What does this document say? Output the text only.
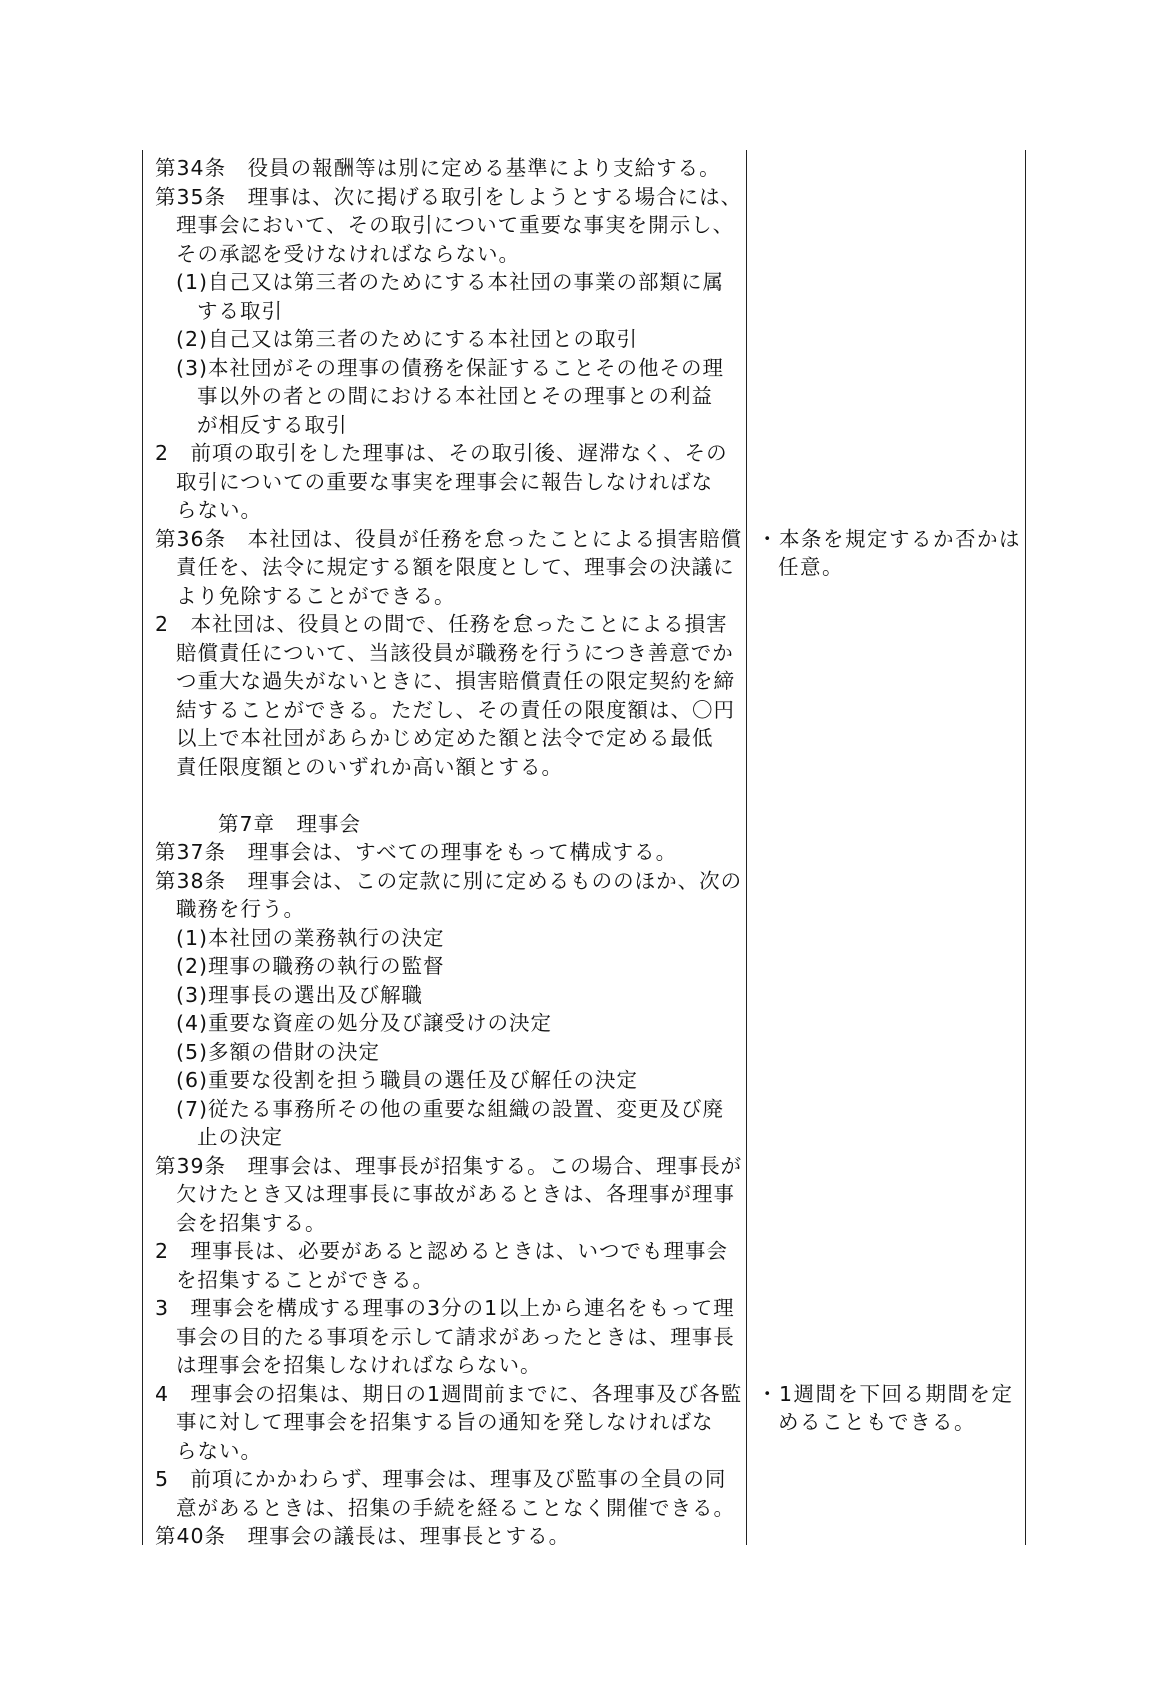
第34条　役員の報酬等は別に定める基準により支給する。
第35条　理事は、次に掲げる取引をしようとする場合には、
理事会において、その取引について重要な事実を開示し、
その承認を受けなければならない。
(1)自己又は第三者のためにする本社団の事業の部類に属
する取引
(2)自己又は第三者のためにする本社団との取引
(3)本社団がその理事の債務を保証することその他その理
事以外の者との間における本社団とその理事との利益
が相反する取引
2　前項の取引をした理事は、その取引後、遅滞なく、その
取引についての重要な事実を理事会に報告しなければな
らない。
第36条　本社団は、役員が任務を怠ったことによる損害賠償
責任を、法令に規定する額を限度として、理事会の決議に
より免除することができる。
2　本社団は、役員との間で、任務を怠ったことによる損害
賠償責任について、当該役員が職務を行うにつき善意でか
つ重大な過失がないときに、損害賠償責任の限定契約を締
結することができる。ただし、その責任の限度額は、〇円
以上で本社団があらかじめ定めた額と法令で定める最低
責任限度額とのいずれか高い額とする。
第7章　理事会
第37条　理事会は、すべての理事をもって構成する。
第38条　理事会は、この定款に別に定めるもののほか、次の
職務を行う。
(1)本社団の業務執行の決定
(2)理事の職務の執行の監督
(3)理事長の選出及び解職
(4)重要な資産の処分及び譲受けの決定
(5)多額の借財の決定
(6)重要な役割を担う職員の選任及び解任の決定
(7)従たる事務所その他の重要な組織の設置、変更及び廃
止の決定
第39条　理事会は、理事長が招集する。この場合、理事長が
欠けたとき又は理事長に事故があるときは、各理事が理事
会を招集する。
2　理事長は、必要があると認めるときは、いつでも理事会
を招集することができる。
3　理事会を構成する理事の3分の1以上から連名をもって理
事会の目的たる事項を示して請求があったときは、理事長
は理事会を招集しなければならない。
4　理事会の招集は、期日の1週間前までに、各理事及び各監
事に対して理事会を招集する旨の通知を発しなければな
らない。
5　前項にかかわらず、理事会は、理事及び監事の全員の同
意があるときは、招集の手続を経ることなく開催できる。
第40条　理事会の議長は、理事長とする。
・本条を規定するか否かは
任意。
・1週間を下回る期間を定
めることもできる。
